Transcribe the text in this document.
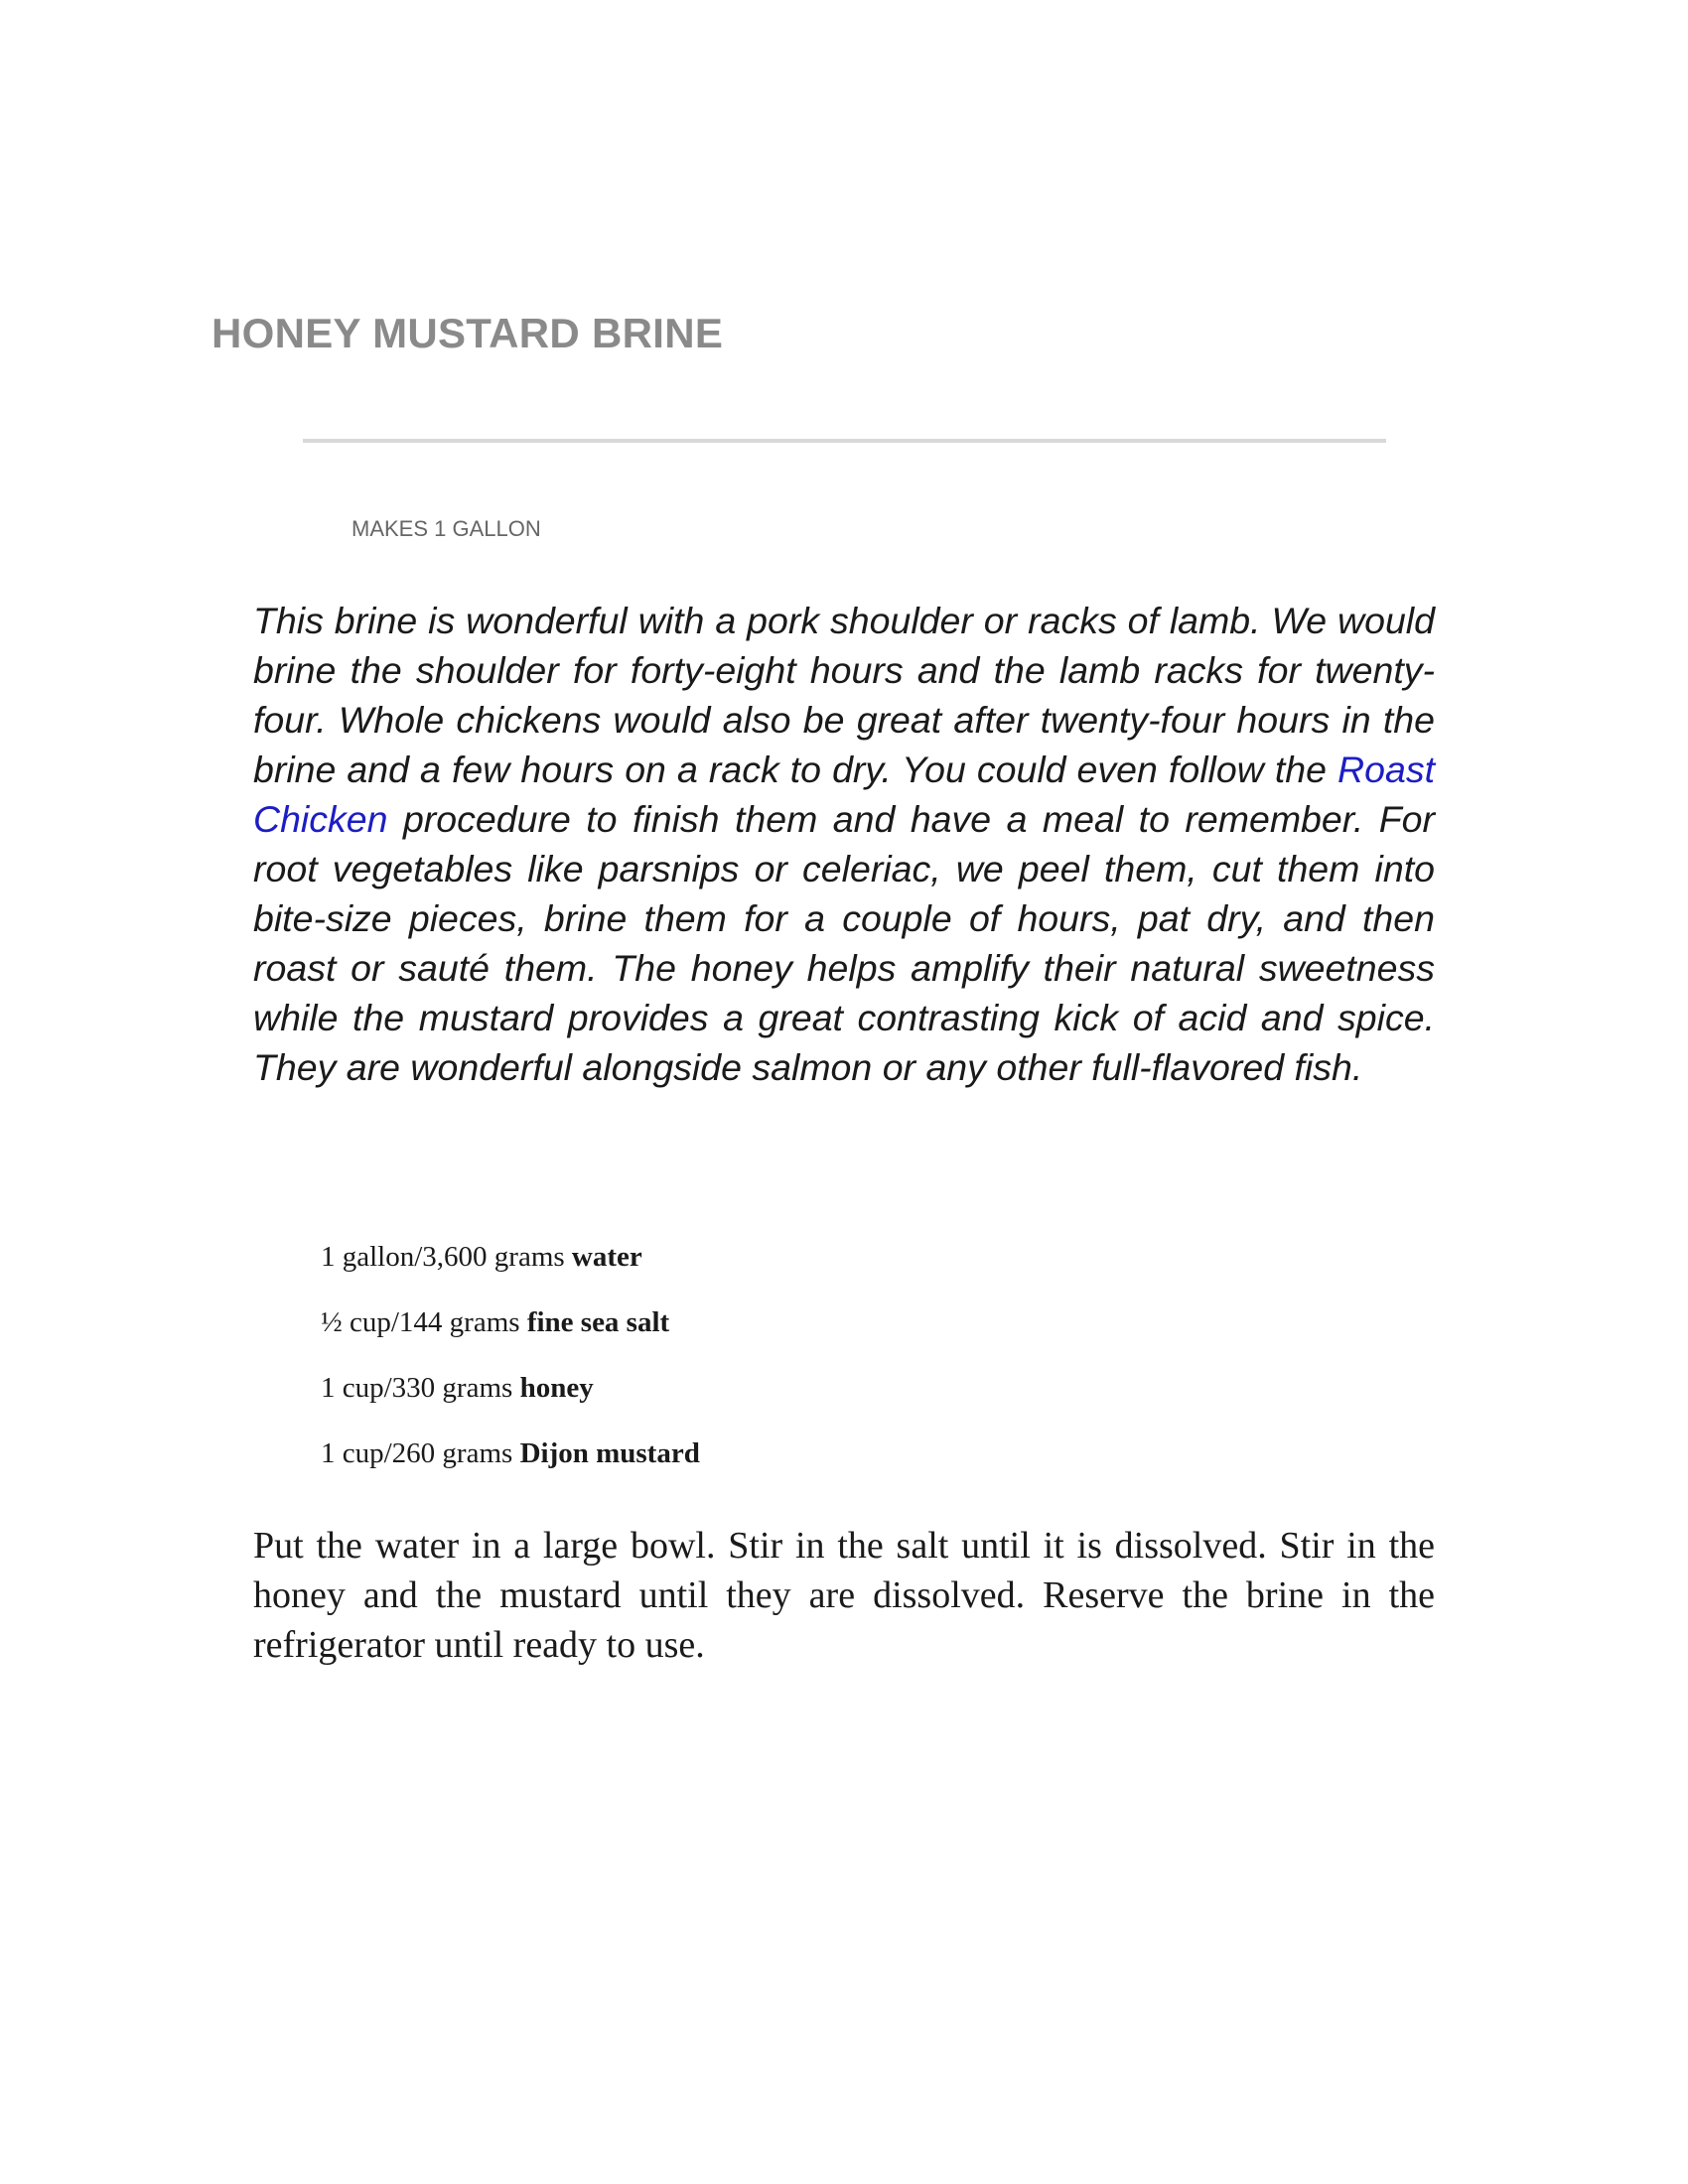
HONEY MUSTARD BRINE
MAKES 1 GALLON

This brine is wonderful with a pork shoulder or racks of lamb. We would brine the shoulder for forty-eight hours and the lamb racks for twenty-four. Whole chickens would also be great after twenty-four hours in the brine and a few hours on a rack to dry. You could even follow the Roast Chicken procedure to finish them and have a meal to remember. For root vegetables like parsnips or celeriac, we peel them, cut them into bite-size pieces, brine them for a couple of hours, pat dry, and then roast or sauté them. The honey helps amplify their natural sweetness while the mustard provides a great contrasting kick of acid and spice. They are wonderful alongside salmon or any other full-flavored fish.

1 gallon/3,600 grams water
½ cup/144 grams fine sea salt
1 cup/330 grams honey
1 cup/260 grams Dijon mustard

Put the water in a large bowl. Stir in the salt until it is dissolved. Stir in the honey and the mustard until they are dissolved. Reserve the brine in the refrigerator until ready to use.
